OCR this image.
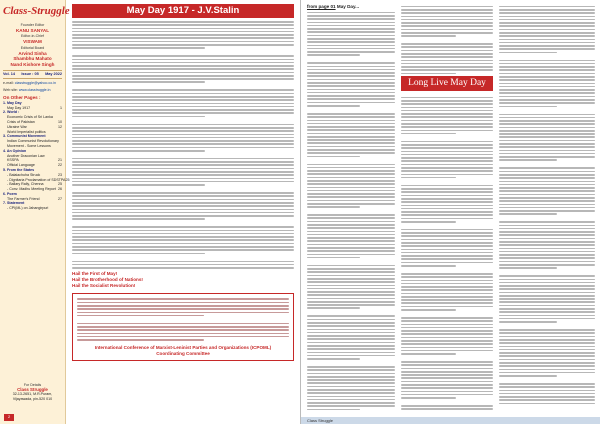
Class-Struggle
Founder Editor
KANU SANYAL
Editor-in-Chief
VISWAM
Editorial Board
Arvind Sinha
Shambhu Mahato
Nand Kishore Singh
Vol. 14 Issue : 05 May 2022
e-mail: classtruggle@yahoo.co.in
Web site: www.classtruggle.in
On Other Pages :
1. May Day
May Day 1917	1
2. World :
Economic Crisis of Sri Lanka
Crisis of Pakistan	10
Ukraine War	12
World Imperialist politics
3. Communist Movement
Indian Communist Revolutionary
Movement - Some Lessons
4. An Opinion
Another Draconian Law
KSSPA	21
Official Language	22
5. From the States
- Balaiachuha Struck	23
- Dignitaria Proclamation of SDSTPA 25
- Ballary Rally, Chenna	25
- Conv. Madhu Meeting Report 26
6. Poem
The Farmer's Friend	27
7. Statement
- CPI(ML) on Jahangirpuri
For Details
Class Struggle
32-13-2651, M.R.Puram,
Vijayawada, pin-520 010
2
May Day 1917 - J.V.Stalin
Hail the First of May!
Hail the Brotherhood of Nations!
Hail the Socialist Revolution!
International Conference of Marxist-Leninist Parties and Organizations (ICPOML)
Coordinating Committee
from page 01 May Day...
Long Live May Day
Class Struggle
